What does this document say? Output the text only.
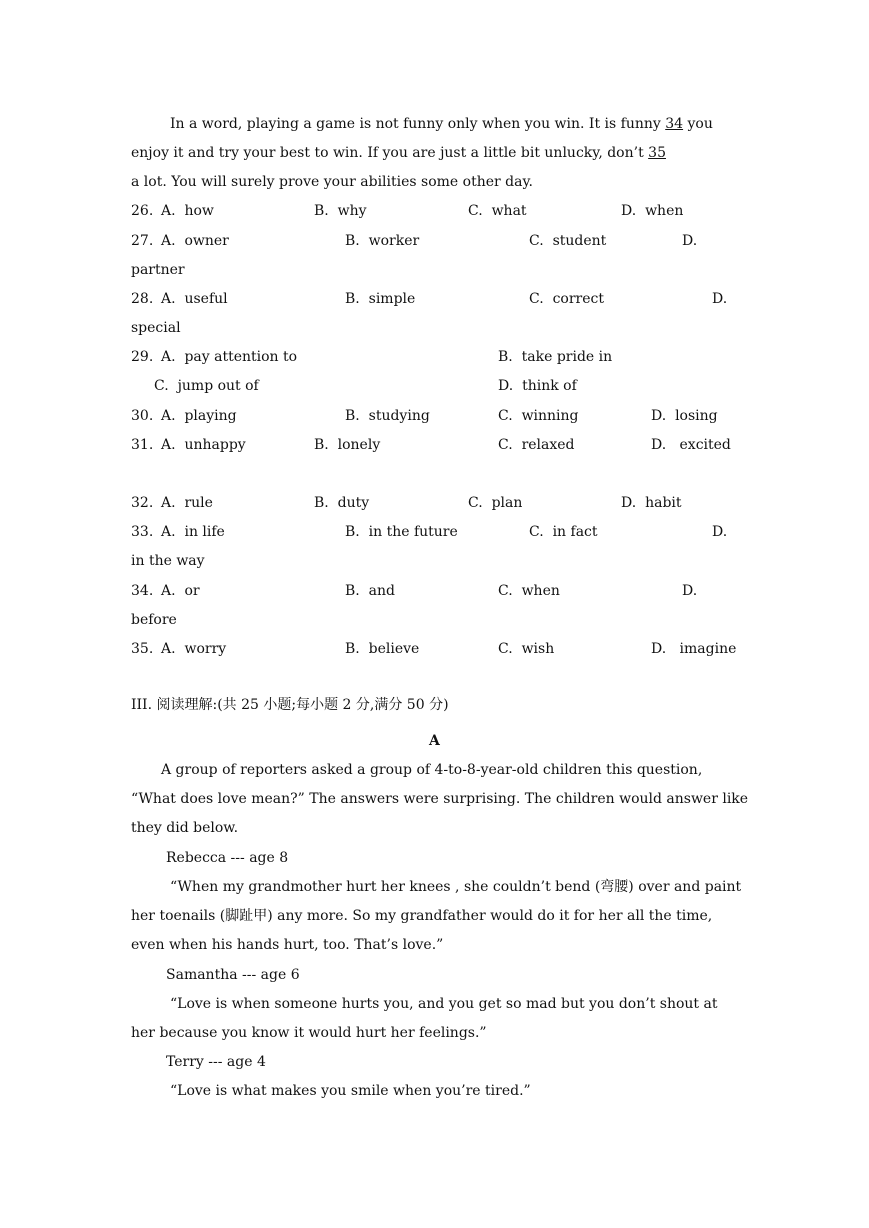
In a word, playing a game is not funny only when you win. It is funny 34 you
enjoy it and try your best to win. If you are just a little bit unlucky, don’t 35
a lot. You will surely prove your abilities some other day.
26. A.  how	B.  why	C.  what	D.  when
27. A.  owner	B.  worker	C.  student	D.
partner
28. A.  useful	B.  simple	C.  correct	D.
special
29. A.  pay attention to	B.  take pride in
C.  jump out of	D.  think of
30. A.  playing	B.  studying	C.  winning	D.  losing
31. A.  unhappy	B.  lonely	C.  relaxed	D.   excited
32. A.  rule	B.  duty	C.  plan	D.  habit
33. A.  in life	B.  in the future	C.  in fact	D.
in the way
34. A.  or	B.  and	C.  when	D.
before
35. A.  worry	B.  believe	C.  wish	D.   imagine
III. 阅读理解:(共 25 小题;每小题 2 分,满分 50 分)
A
A group of reporters asked a group of 4-to-8-year-old children this question,
“What does love mean?” The answers were surprising. The children would answer like
they did below.
Rebecca --- age 8
“When my grandmother hurt her knees , she couldn’t bend (弯腰) over and paint
her toenails (脚趾甲) any more. So my grandfather would do it for her all the time,
even when his hands hurt, too. That’s love.”
Samantha --- age 6
“Love is when someone hurts you, and you get so mad but you don’t shout at
her because you know it would hurt her feelings.”
Terry --- age 4
“Love is what makes you smile when you’re tired.”
